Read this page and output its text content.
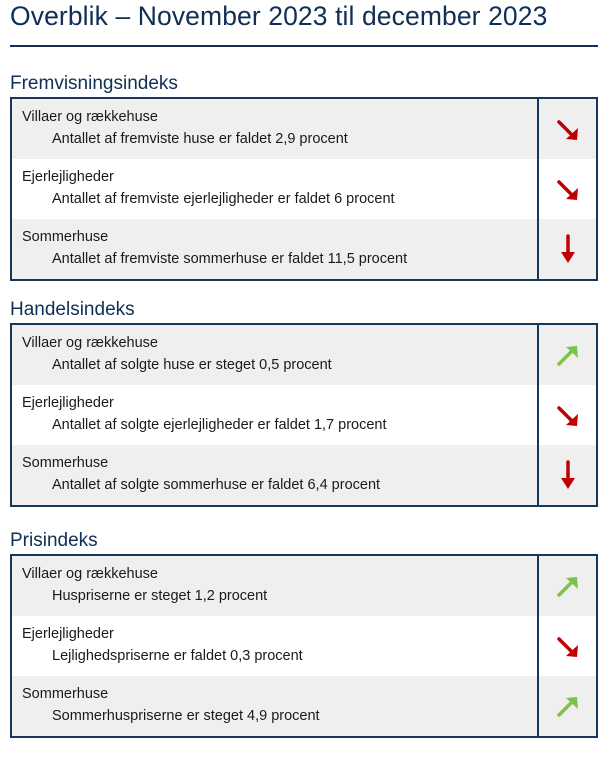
Overblik – November 2023 til december 2023
Fremvisningsindeks
Villaer og rækkehuse
Antallet af fremviste huse er faldet 2,9 procent
Ejerlejligheder
Antallet af fremviste ejerlejligheder er faldet 6 procent
Sommerhuse
Antallet af fremviste sommerhuse er faldet 11,5 procent
Handelsindeks
Villaer og rækkehuse
Antallet af solgte huse er steget 0,5 procent
Ejerlejligheder
Antallet af solgte ejerlejligheder er faldet 1,7 procent
Sommerhuse
Antallet af solgte sommerhuse er faldet 6,4 procent
Prisindeks
Villaer og rækkehuse
Huspriserne er steget 1,2 procent
Ejerlejligheder
Lejlighedspriserne er faldet 0,3 procent
Sommerhuse
Sommerhuspriserne er steget 4,9 procent
